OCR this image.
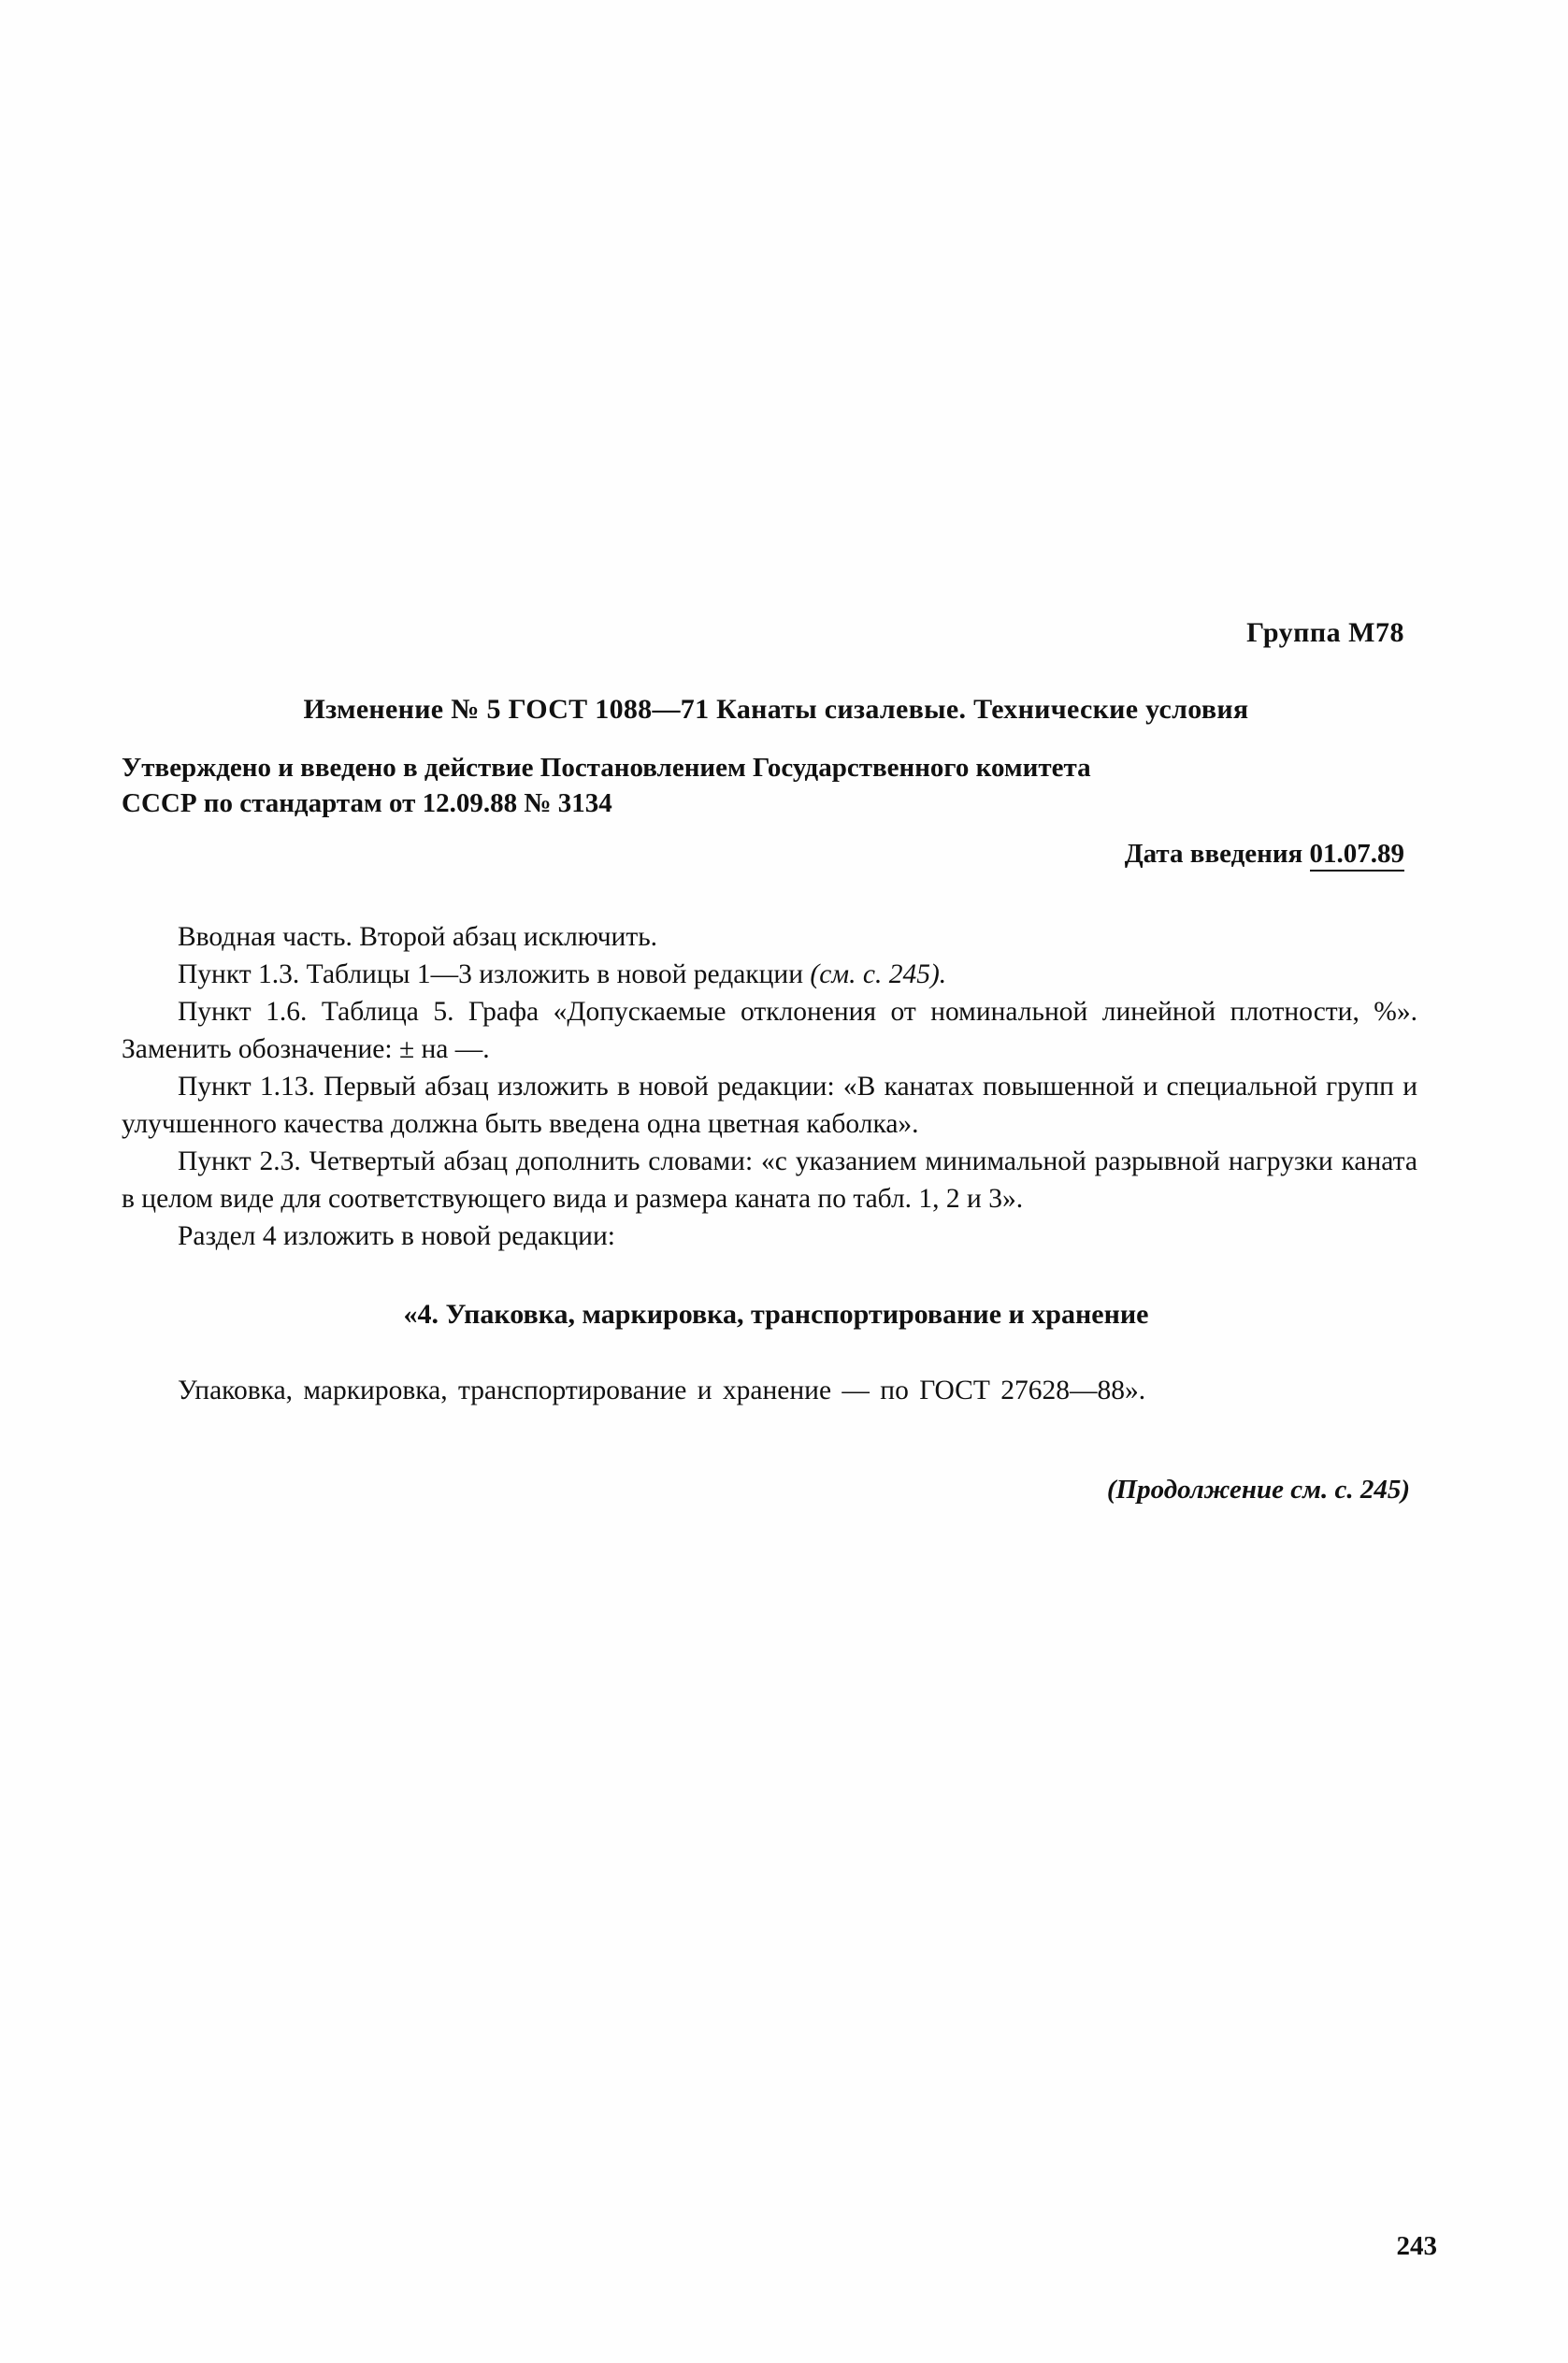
Группа М78
Изменение № 5 ГОСТ 1088—71 Канаты сизалевые. Технические условия
Утверждено и введено в действие Постановлением Государственного комитета
СССР по стандартам от 12.09.88 № 3134
Дата введения 01.07.89

Вводная часть. Второй абзац исключить.

Пункт 1.3. Таблицы 1—3 изложить в новой редакции (см. с. 245).

Пункт 1.6. Таблица 5. Графа «Допускаемые отклонения от номинальной линейной плотности, %». Заменить обозначение: ± на —.

Пункт 1.13. Первый абзац изложить в новой редакции: «В канатах повышенной и специальной групп и улучшенного качества должна быть введена одна цветная каболка».

Пункт 2.3. Четвертый абзац дополнить словами: «с указанием минимальной разрывной нагрузки каната в целом виде для соответствующего вида и размера каната по табл. 1, 2 и 3».

Раздел 4 изложить в новой редакции:

«4. Упаковка, маркировка, транспортирование и хранение

Упаковка, маркировка, транспортирование и хранение — по ГОСТ 27628—88».

(Продолжение см. с. 245)
243
